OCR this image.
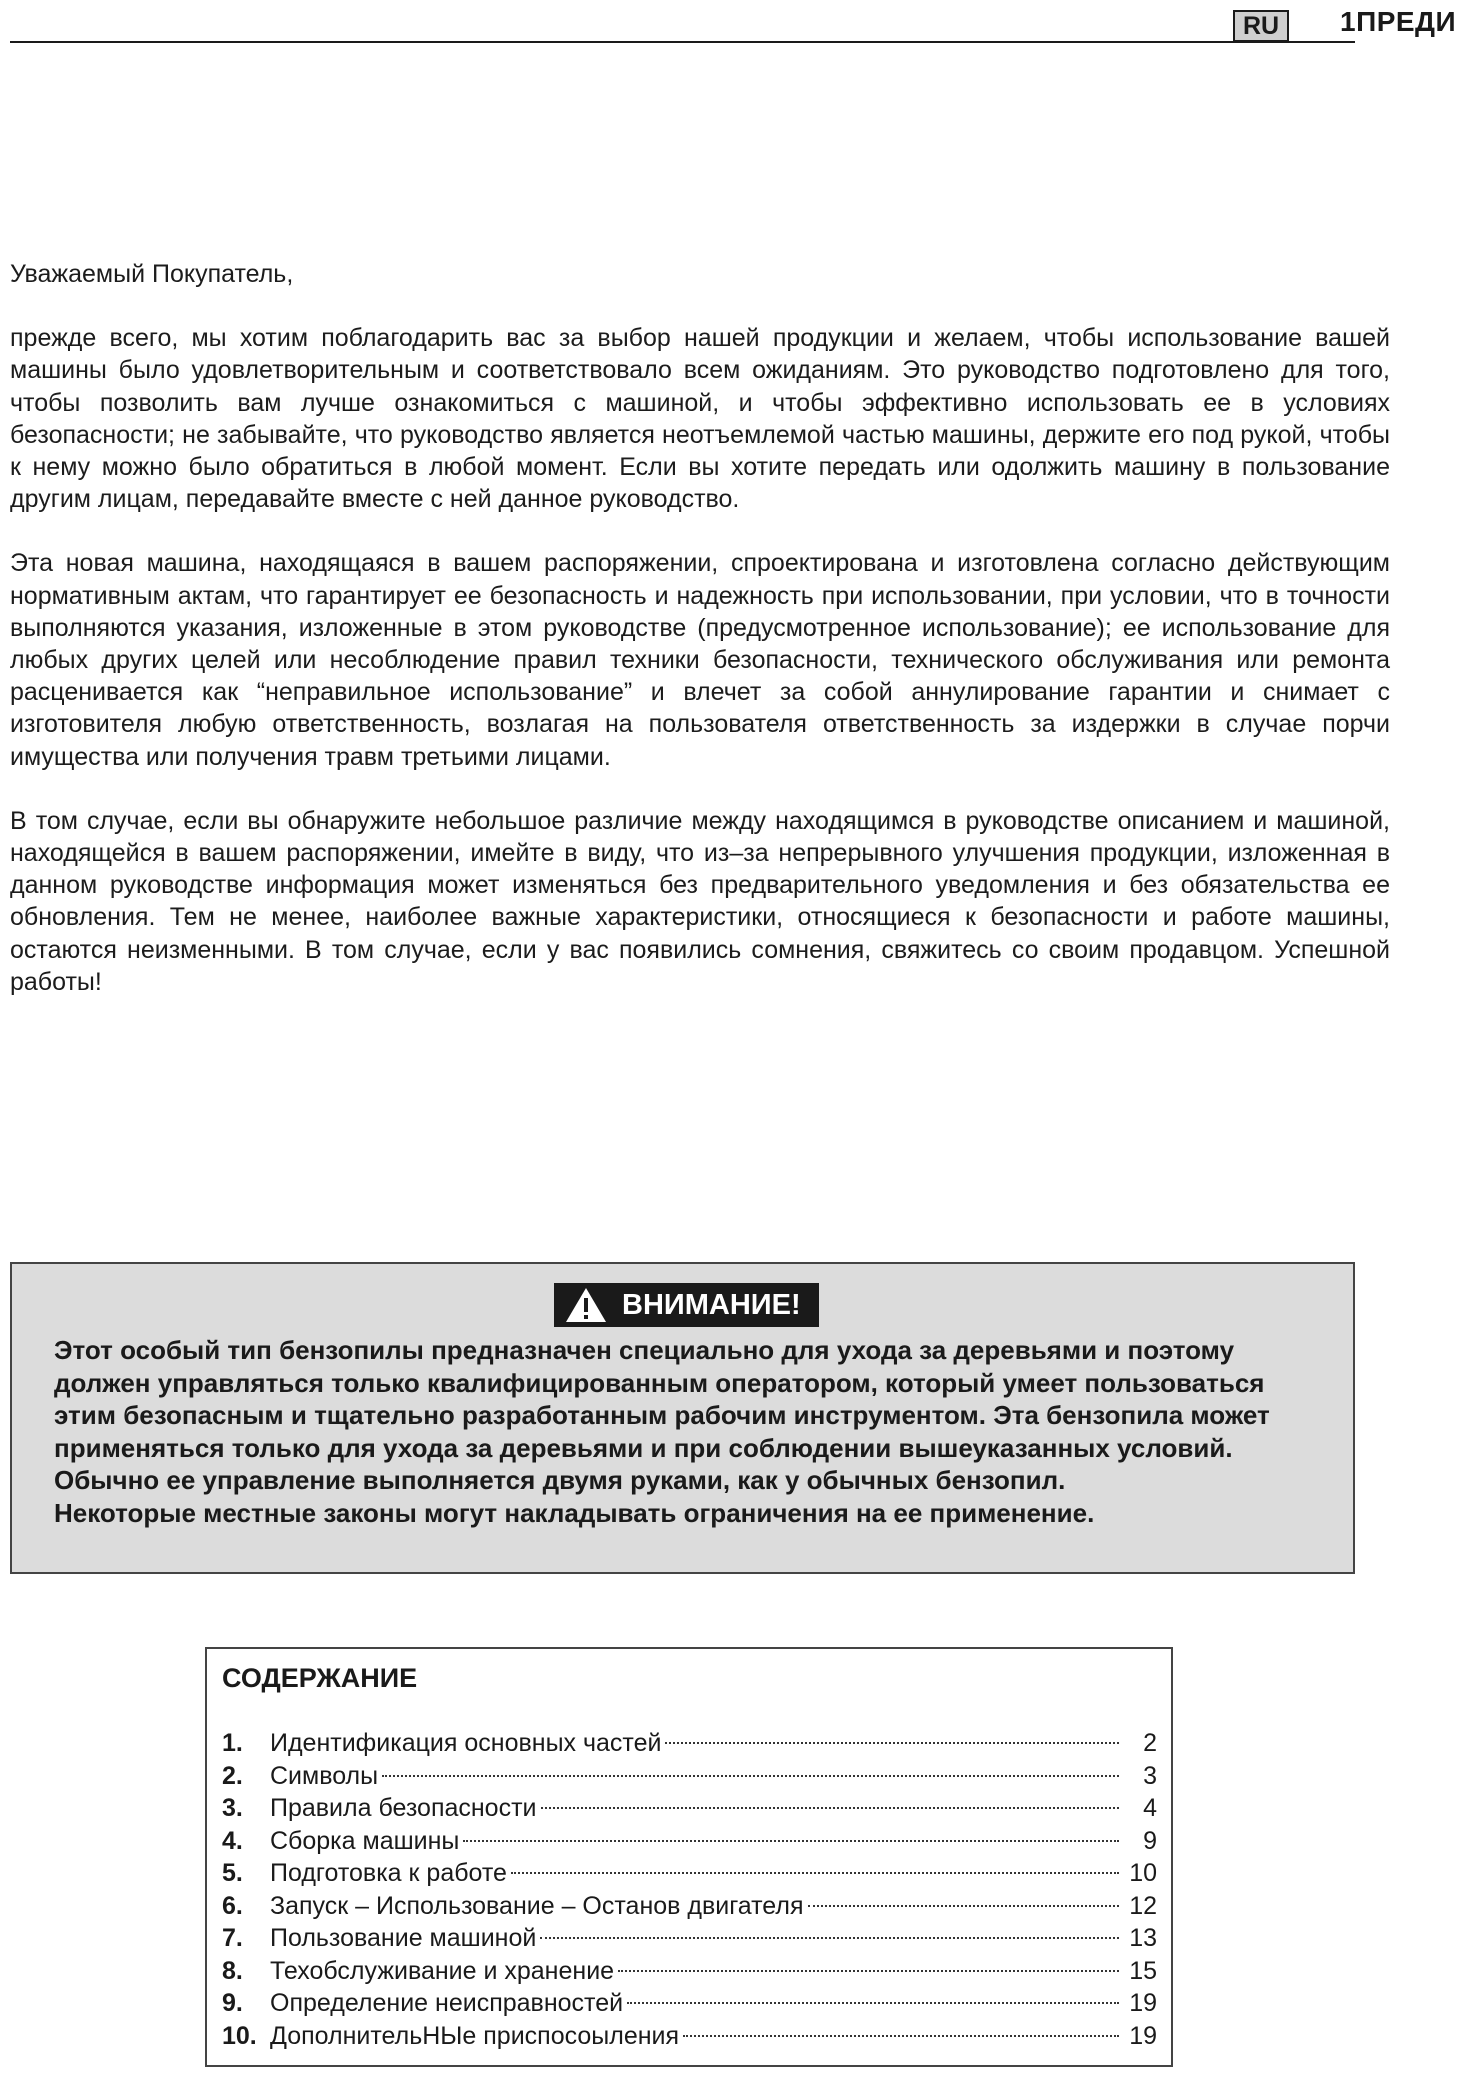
RU	1ПРЕДИ

Уважаемый Покупатель,

прежде всего, мы хотим поблагодарить вас за выбор нашей продукции и желаем, чтобы использование вашей машины было удовлетворительным и соответствовало всем ожиданиям. Это руководство подготовлено для того, чтобы позволить вам лучше ознакомиться с машиной, и чтобы эффективно использовать ее в условиях безопасности; не забывайте, что руководство является неотъемлемой частью машины, держите его под рукой, чтобы к нему можно было обратиться в любой момент. Если вы хотите передать или одолжить машину в пользование другим лицам, передавайте вместе с ней данное руководство.

Эта новая машина, находящаяся в вашем распоряжении, спроектирована и изготовлена согласно действующим нормативным актам, что гарантирует ее безопасность и надежность при использовании, при условии, что в точности выполняются указания, изложенные в этом руководстве (предусмотренное использование); ее использование для любых других целей или несоблюдение правил техники безопасности, технического обслуживания или ремонта расценивается как “неправильное использование” и влечет за собой аннулирование гарантии и снимает с изготовителя любую ответственность, возлагая на пользователя ответственность за издержки в случае порчи имущества или получения травм третьими лицами.

В том случае, если вы обнаружите небольшое различие между находящимся в руководстве описанием и машиной, находящейся в вашем распоряжении, имейте в виду, что из–за непрерывного улучшения продукции, изложенная в данном руководстве информация может изменяться без предварительного уведомления и без обязательства ее обновления. Тем не менее, наиболее важные характеристики, относящиеся к безопасности и работе машины, остаются неизменными. В том случае, если у вас появились сомнения, свяжитесь со своим продавцом. Успешной работы!

ВНИМАНИЕ!

Этот особый тип бензопилы предназначен специально для ухода за деревьями и поэтому

должен управляться только квалифицированным оператором, который умеет пользоваться

этим безопасным и тщательно разработанным рабочим инструментом. Эта бензопила может

применяться только для ухода за деревьями и при соблюдении вышеуказанных условий.

Обычно ее управление выполняется двумя руками, как у обычных бензопил.

Некоторые местные законы могут накладывать ограничения на ее применение.

СОДЕРЖАНИЕ
1.	Идентификация основных частей	2
2.	Символы	3
3.	Правила безопасности	4
4.	Сборка машины	9
5.	Подготовка к работе	10
6.	Запуск – Использование – Останов двигателя	12
7.	Пользование машиной	13
8.	Техобслуживание и хранение	15
9.	Определение неисправностей	19
10. ДополнительНЫе приспосоыления	19
